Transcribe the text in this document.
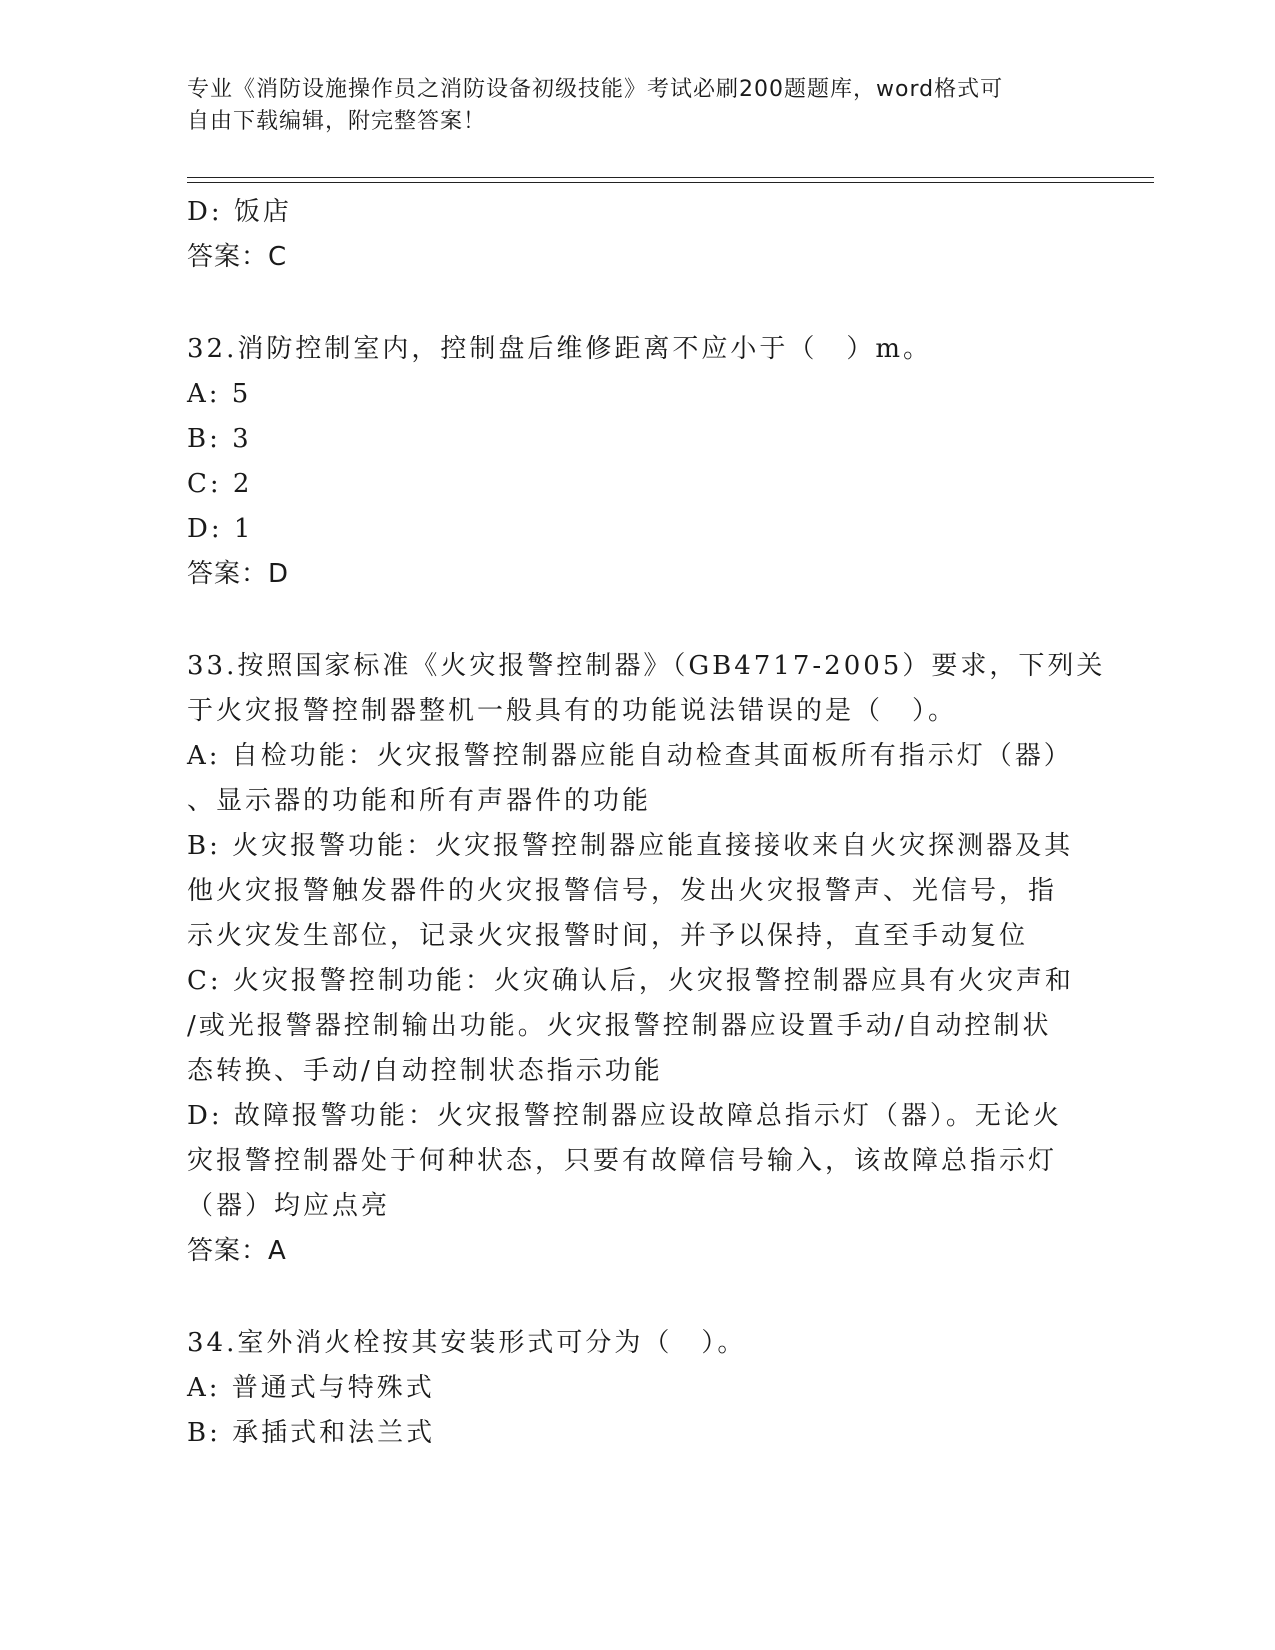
专业《消防设施操作员之消防设备初级技能》考试必刷200题题库，word格式可
自由下载编辑，附完整答案！
D: 饭店
答案：C
32.消防控制室内，控制盘后维修距离不应小于（　）m。
A: 5
B: 3
C: 2
D: 1
答案：D
33.按照国家标准《火灾报警控制器》（GB4717-2005）要求，下列关
于火灾报警控制器整机一般具有的功能说法错误的是（　）。
A: 自检功能：火灾报警控制器应能自动检查其面板所有指示灯（器）
、显示器的功能和所有声器件的功能
B: 火灾报警功能：火灾报警控制器应能直接接收来自火灾探测器及其
他火灾报警触发器件的火灾报警信号，发出火灾报警声、光信号，指
示火灾发生部位，记录火灾报警时间，并予以保持，直至手动复位
C: 火灾报警控制功能：火灾确认后，火灾报警控制器应具有火灾声和
/或光报警器控制输出功能。火灾报警控制器应设置手动/自动控制状
态转换、手动/自动控制状态指示功能
D: 故障报警功能：火灾报警控制器应设故障总指示灯（器）。无论火
灾报警控制器处于何种状态，只要有故障信号输入，该故障总指示灯
（器）均应点亮
答案：A
34.室外消火栓按其安装形式可分为（　）。
A: 普通式与特殊式
B: 承插式和法兰式
